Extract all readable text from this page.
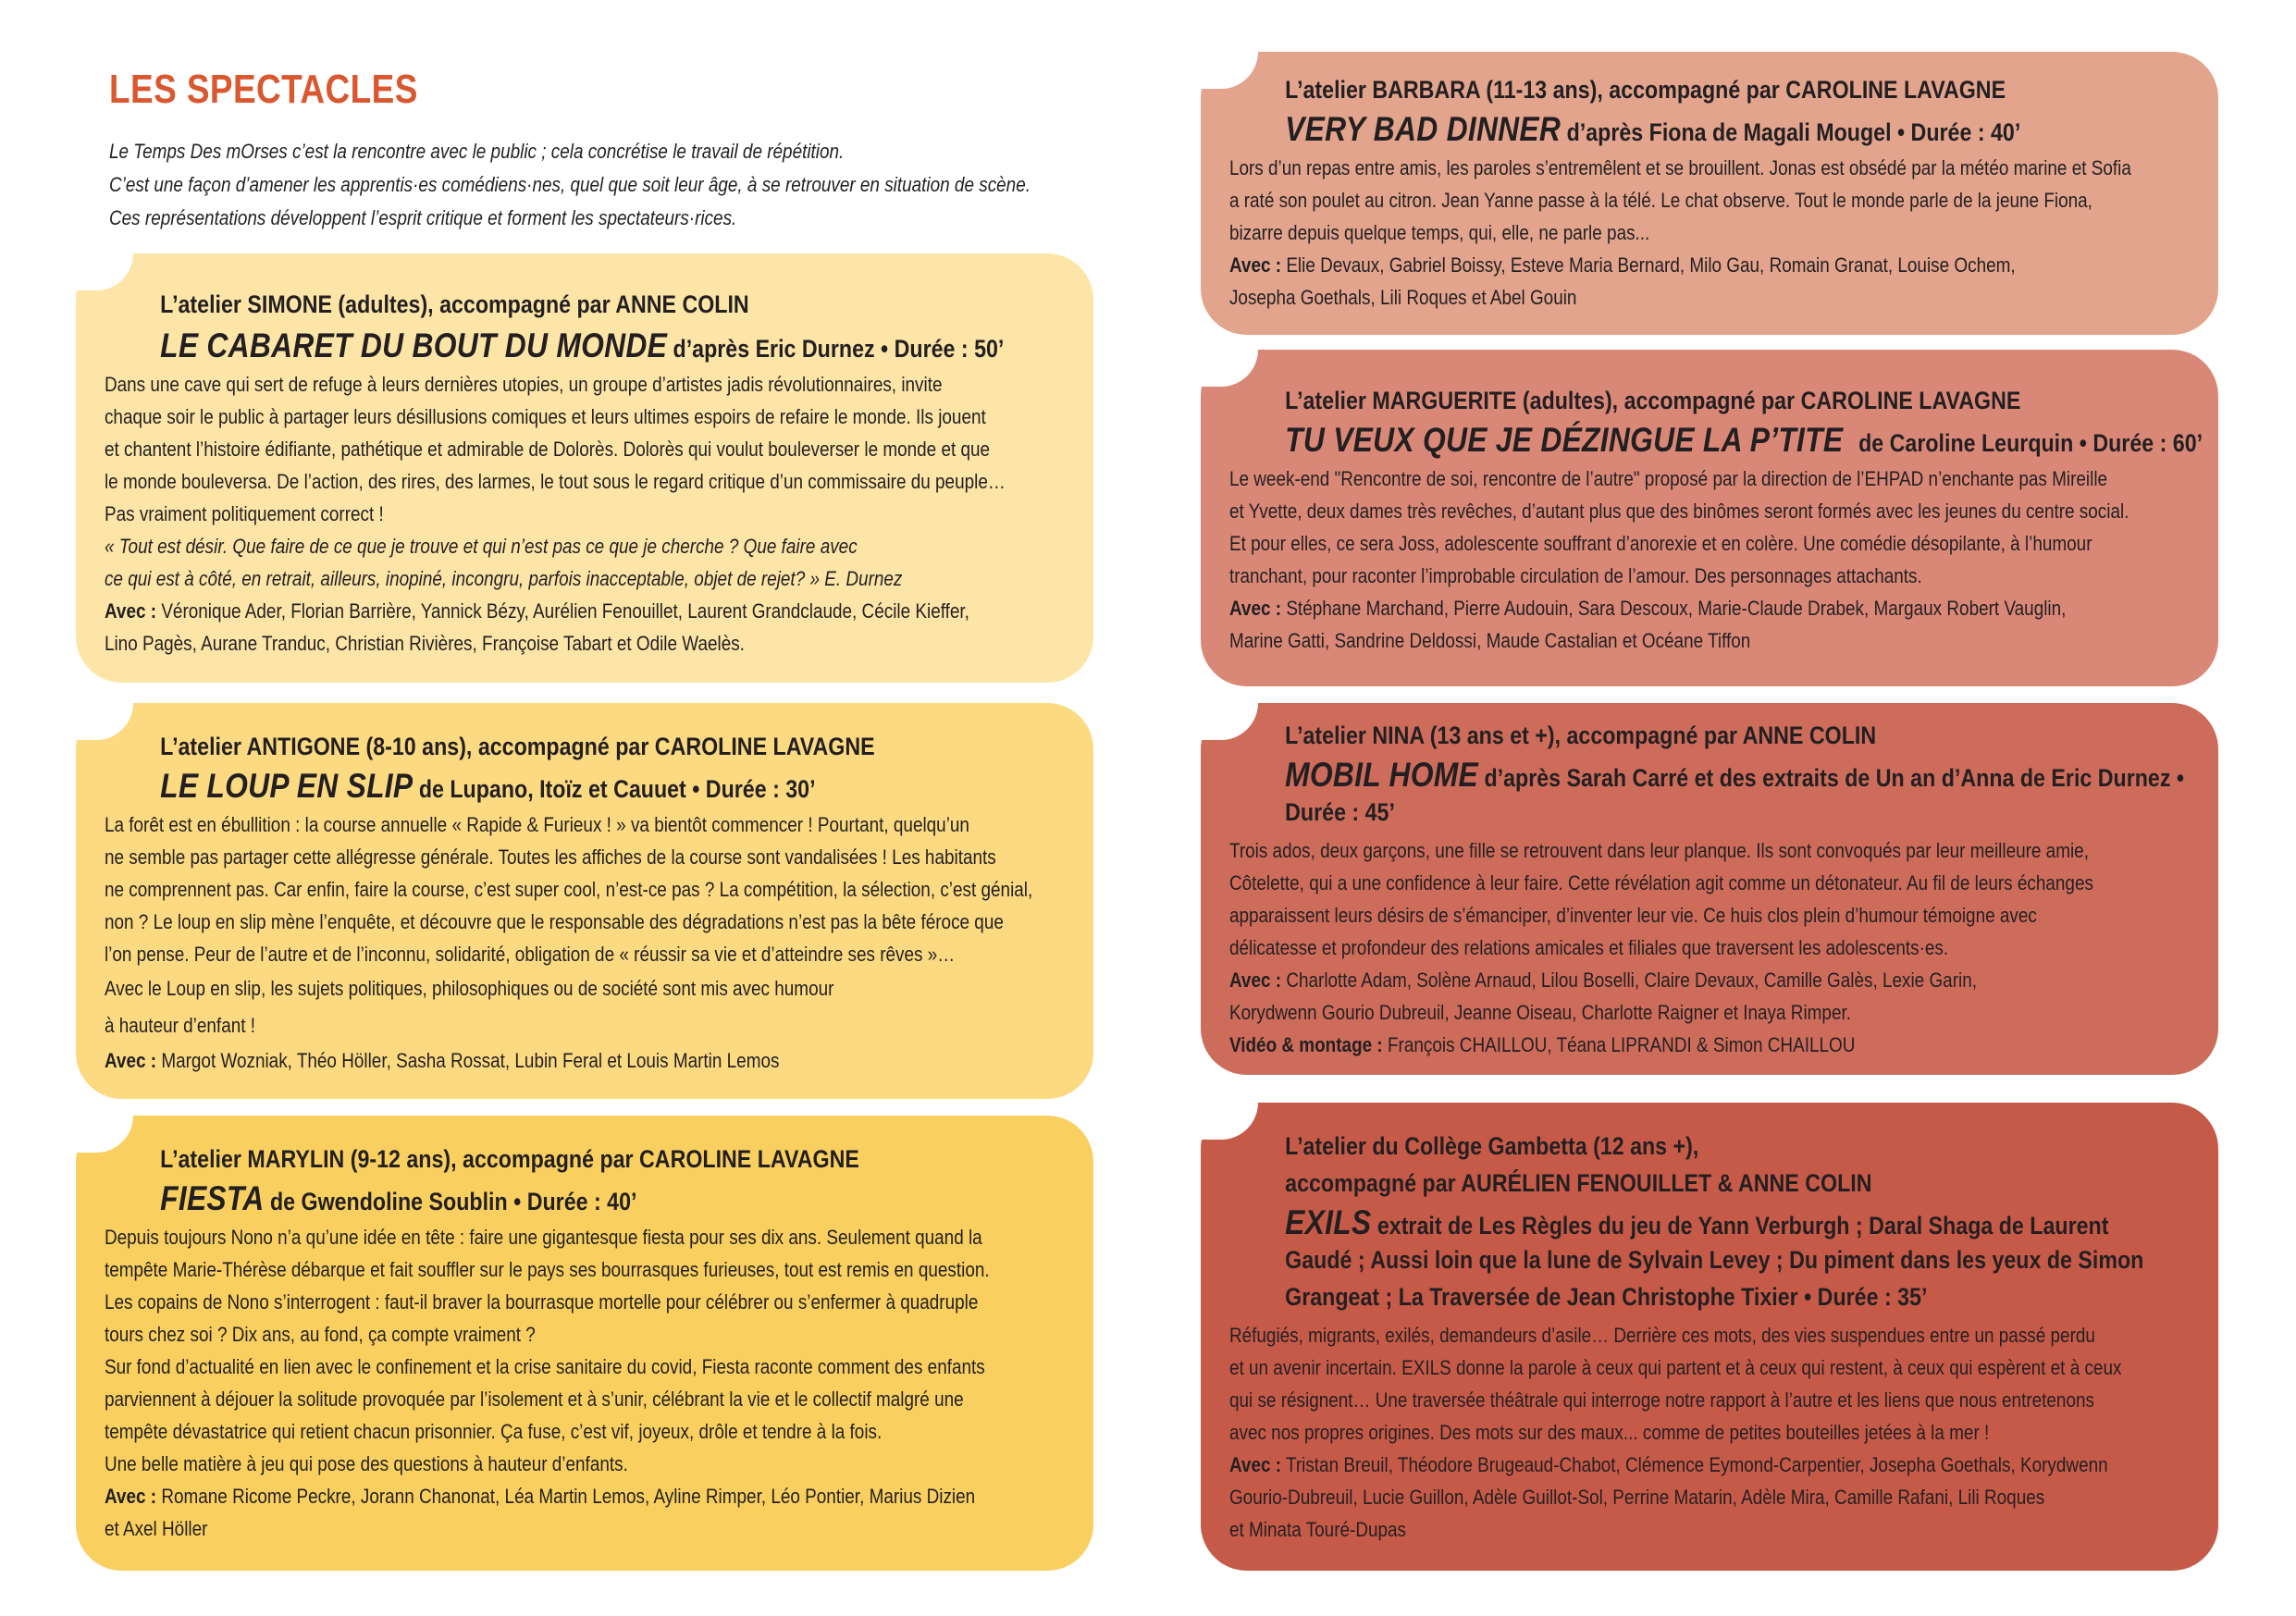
LES SPECTACLES

Le Temps Des mOrses c’est la rencontre avec le public ; cela concrétise le travail de répétition.

C’est une façon d’amener les apprentis·es comédiens·nes, quel que soit leur âge, à se retrouver en situation de scène.

Ces représentations développent l’esprit critique et forment les spectateurs·rices.

L’atelier SIMONE (adultes), accompagné par ANNE COLIN
LE CABARET DU BOUT DU MONDE d’après Eric Durnez • Durée : 50’

Dans une cave qui sert de refuge à leurs dernières utopies, un groupe d’artistes jadis révolutionnaires, invite

chaque soir le public à partager leurs désillusions comiques et leurs ultimes espoirs de refaire le monde. Ils jouent

et chantent l’histoire édifiante, pathétique et admirable de Dolorès. Dolorès qui voulut bouleverser le monde et que

le monde bouleversa. De l’action, des rires, des larmes, le tout sous le regard critique d’un commissaire du peuple…

Pas vraiment politiquement correct !

« Tout est désir. Que faire de ce que je trouve et qui n’est pas ce que je cherche ? Que faire avec

ce qui est à côté, en retrait, ailleurs, inopiné, incongru, parfois inacceptable, objet de rejet? » E. Durnez

Avec : Véronique Ader, Florian Barrière, Yannick Bézy, Aurélien Fenouillet, Laurent Grandclaude, Cécile Kieffer,

Lino Pagès, Aurane Tranduc, Christian Rivières, Françoise Tabart et Odile Waelès.

L’atelier ANTIGONE (8-10 ans), accompagné par CAROLINE LAVAGNE
LE LOUP EN SLIP de Lupano, Itoïz et Cauuet • Durée : 30’

La forêt est en ébullition : la course annuelle « Rapide & Furieux ! » va bientôt commencer ! Pourtant, quelqu’un

ne semble pas partager cette allégresse générale. Toutes les affiches de la course sont vandalisées ! Les habitants

ne comprennent pas. Car enfin, faire la course, c’est super cool, n’est-ce pas ? La compétition, la sélection, c’est génial,

non ? Le loup en slip mène l’enquête, et découvre que le responsable des dégradations n’est pas la bête féroce que

l’on pense. Peur de l’autre et de l’inconnu, solidarité, obligation de « réussir sa vie et d’atteindre ses rêves »…

Avec le Loup en slip, les sujets politiques, philosophiques ou de société sont mis avec humour

à hauteur d’enfant !

Avec : Margot Wozniak, Théo Höller, Sasha Rossat, Lubin Feral et Louis Martin Lemos

L’atelier MARYLIN (9-12 ans), accompagné par CAROLINE LAVAGNE
FIESTA de Gwendoline Soublin • Durée : 40’

Depuis toujours Nono n’a qu’une idée en tête : faire une gigantesque fiesta pour ses dix ans. Seulement quand la

tempête Marie-Thérèse débarque et fait souffler sur le pays ses bourrasques furieuses, tout est remis en question.

Les copains de Nono s’interrogent : faut-il braver la bourrasque mortelle pour célébrer ou s’enfermer à quadruple

tours chez soi ? Dix ans, au fond, ça compte vraiment ?

Sur fond d’actualité en lien avec le confinement et la crise sanitaire du covid, Fiesta raconte comment des enfants

parviennent à déjouer la solitude provoquée par l’isolement et à s’unir, célébrant la vie et le collectif malgré une

tempête dévastatrice qui retient chacun prisonnier. Ça fuse, c’est vif, joyeux, drôle et tendre à la fois.

Une belle matière à jeu qui pose des questions à hauteur d’enfants.

Avec : Romane Ricome Peckre, Jorann Chanonat, Léa Martin Lemos, Ayline Rimper, Léo Pontier, Marius Dizien

et Axel Höller

L’atelier BARBARA (11-13 ans), accompagné par CAROLINE LAVAGNE
VERY BAD DINNER d’après Fiona de Magali Mougel • Durée : 40’

Lors d’un repas entre amis, les paroles s’entremêlent et se brouillent. Jonas est obsédé par la météo marine et Sofia

a raté son poulet au citron. Jean Yanne passe à la télé. Le chat observe. Tout le monde parle de la jeune Fiona,

bizarre depuis quelque temps, qui, elle, ne parle pas...

Avec : Elie Devaux, Gabriel Boissy, Esteve Maria Bernard, Milo Gau, Romain Granat, Louise Ochem,

Josepha Goethals, Lili Roques et Abel Gouin

L’atelier MARGUERITE (adultes), accompagné par CAROLINE LAVAGNE
TU VEUX QUE JE DÉZINGUE LA P’TITE de Caroline Leurquin • Durée : 60’

Le week-end "Rencontre de soi, rencontre de l’autre" proposé par la direction de l’EHPAD n’enchante pas Mireille

et Yvette, deux dames très revêches, d’autant plus que des binômes seront formés avec les jeunes du centre social.

Et pour elles, ce sera Joss, adolescente souffrant d’anorexie et en colère. Une comédie désopilante, à l’humour

tranchant, pour raconter l’improbable circulation de l’amour. Des personnages attachants.

Avec : Stéphane Marchand, Pierre Audouin, Sara Descoux, Marie-Claude Drabek, Margaux Robert Vauglin,

Marine Gatti, Sandrine Deldossi, Maude Castalian et Océane Tiffon

L’atelier NINA (13 ans et +), accompagné par ANNE COLIN
MOBIL HOME d’après Sarah Carré et des extraits de Un an d’Anna de Eric Durnez •
Durée : 45’

Trois ados, deux garçons, une fille se retrouvent dans leur planque. Ils sont convoqués par leur meilleure amie,

Côtelette, qui a une confidence à leur faire. Cette révélation agit comme un détonateur. Au fil de leurs échanges

apparaissent leurs désirs de s’émanciper, d’inventer leur vie. Ce huis clos plein d’humour témoigne avec

délicatesse et profondeur des relations amicales et filiales que traversent les adolescents·es.

Avec : Charlotte Adam, Solène Arnaud, Lilou Boselli, Claire Devaux, Camille Galès, Lexie Garin,

Korydwenn Gourio Dubreuil, Jeanne Oiseau, Charlotte Raigner et Inaya Rimper.

Vidéo & montage : François CHAILLOU, Téana LIPRANDI & Simon CHAILLOU

L’atelier du Collège Gambetta (12 ans +),
accompagné par AURÉLIEN FENOUILLET & ANNE COLIN
EXILS extrait de Les Règles du jeu de Yann Verburgh ; Daral Shaga de Laurent
Gaudé ; Aussi loin que la lune de Sylvain Levey ; Du piment dans les yeux de Simon
Grangeat ; La Traversée de Jean Christophe Tixier • Durée : 35’

Réfugiés, migrants, exilés, demandeurs d’asile… Derrière ces mots, des vies suspendues entre un passé perdu

et un avenir incertain. EXILS donne la parole à ceux qui partent et à ceux qui restent, à ceux qui espèrent et à ceux

qui se résignent… Une traversée théâtrale qui interroge notre rapport à l’autre et les liens que nous entretenons

avec nos propres origines. Des mots sur des maux... comme de petites bouteilles jetées à la mer !

Avec : Tristan Breuil, Théodore Brugeaud-Chabot, Clémence Eymond-Carpentier, Josepha Goethals, Korydwenn

Gourio-Dubreuil, Lucie Guillon, Adèle Guillot-Sol, Perrine Matarin, Adèle Mira, Camille Rafani, Lili Roques

et Minata Touré-Dupas
